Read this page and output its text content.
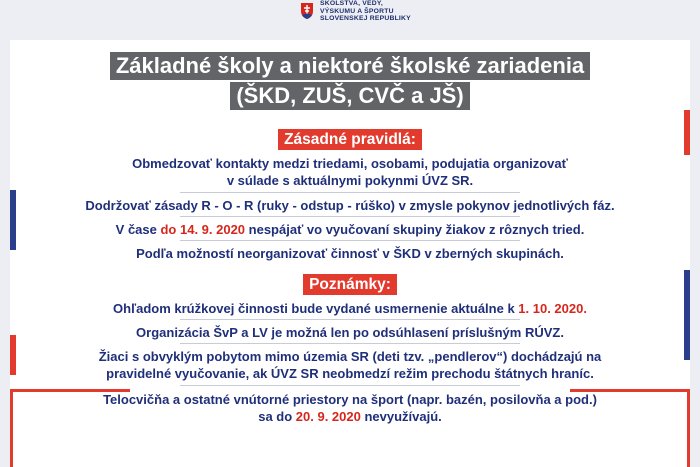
ŠKOLSTVA, VEDY,
VÝSKUMU A ŠPORTU
SLOVENSKEJ REPUBLIKY
Základné školy a niektoré školské zariadenia
(ŠKD, ZUŠ, CVČ a JŠ)
Zásadné pravidlá:
Obmedzovať kontakty medzi triedami, osobami, podujatia organizovať
v súlade s aktuálnymi pokynmi ÚVZ SR.
Dodržovať zásady R - O - R (ruky - odstup - rúško) v zmysle pokynov jednotlivých fáz.
V čase do 14. 9. 2020 nespájať vo vyučovaní skupiny žiakov z rôznych tried.
Podľa možností neorganizovať činnosť v ŠKD v zberných skupinách.
Poznámky:
Ohľadom krúžkovej činnosti bude vydané usmernenie aktuálne k 1. 10. 2020.
Organizácia ŠvP a LV je možná len po odsúhlasení príslušným RÚVZ.
Žiaci s obvyklým pobytom mimo územia SR (deti tzv. „pendlerov“) dochádzajú na
pravidelné vyučovanie, ak ÚVZ SR neobmedzí režim prechodu štátnych hraníc.
Telocvičňa a ostatné vnútorné priestory na šport (napr. bazén, posilovňa a pod.)
sa do 20. 9. 2020 nevyužívajú.
